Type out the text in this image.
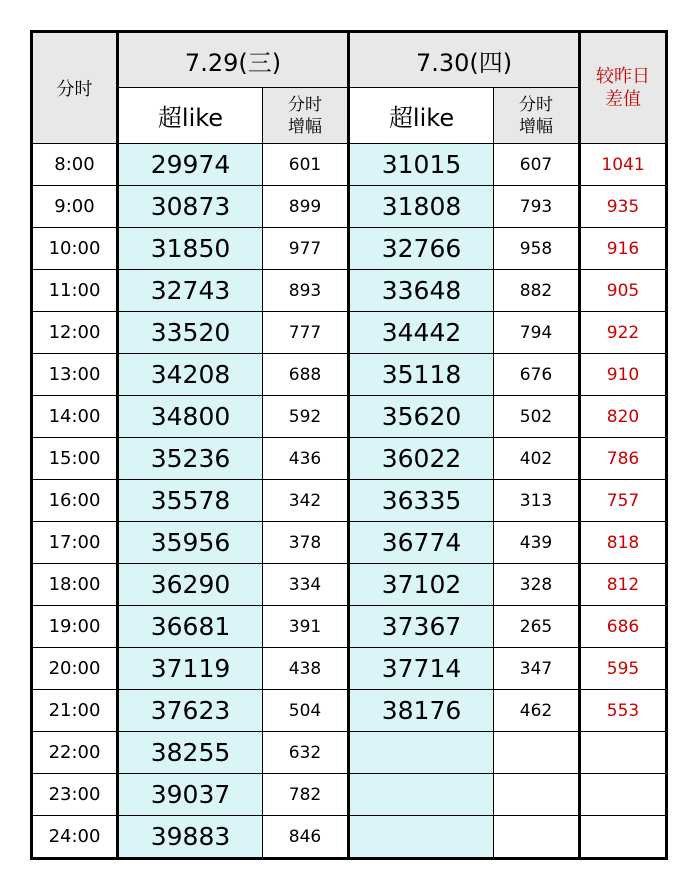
分时	7.29(三)		7.30(四)		较昨日差值
	超like	分时增幅	超like	分时增幅	
8:00	29974	601	31015	607	1041
9:00	30873	899	31808	793	935
10:00	31850	977	32766	958	916
11:00	32743	893	33648	882	905
12:00	33520	777	34442	794	922
13:00	34208	688	35118	676	910
14:00	34800	592	35620	502	820
15:00	35236	436	36022	402	786
16:00	35578	342	36335	313	757
17:00	35956	378	36774	439	818
18:00	36290	334	37102	328	812
19:00	36681	391	37367	265	686
20:00	37119	438	37714	347	595
21:00	37623	504	38176	462	553
22:00	38255	632			
23:00	39037	782			
24:00	39883	846			
